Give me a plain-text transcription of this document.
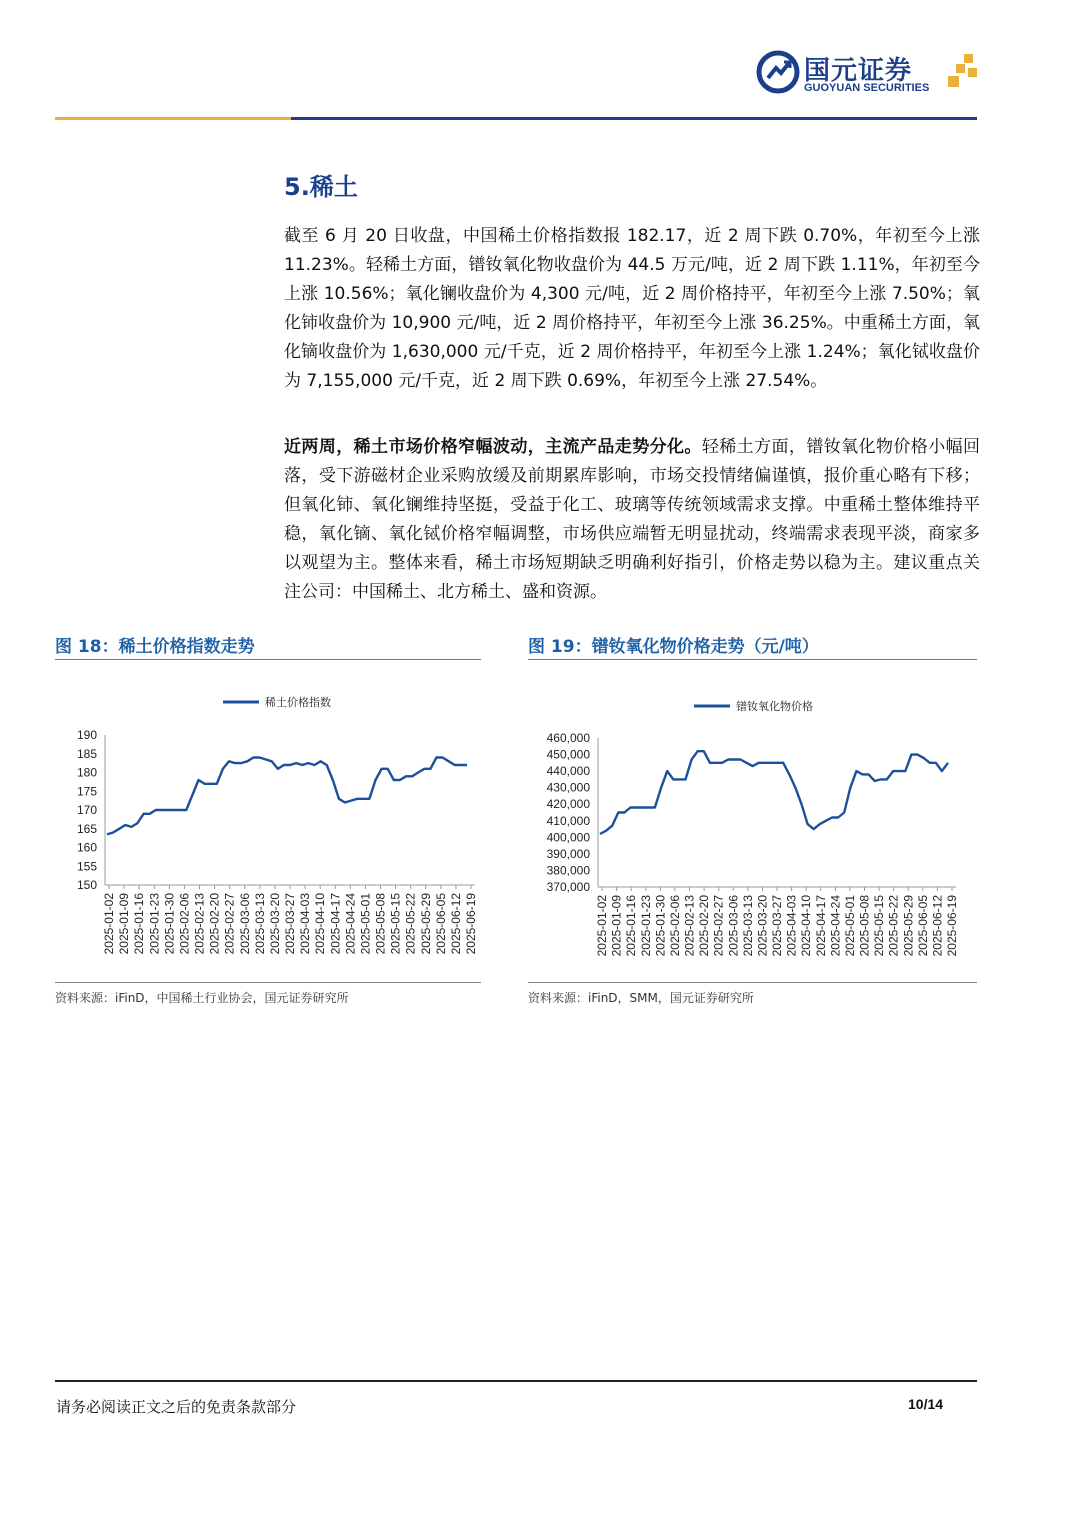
国元证券
GUOYUAN SECURITIES
5.稀土

截至 6 月 20 日收盘，中国稀土价格指数报 182.17，近 2 周下跌 0.70%，年初至今上涨 11.23%。轻稀土方面，镨钕氧化物收盘价为 44.5 万元/吨，近 2 周下跌 1.11%，年初至今上涨 10.56%；氧化镧收盘价为 4,300 元/吨，近 2 周价格持平，年初至今上涨 7.50%；氧化铈收盘价为 10,900 元/吨，近 2 周价格持平，年初至今上涨 36.25%。中重稀土方面，氧化镝收盘价为 1,630,000 元/千克，近 2 周价格持平，年初至今上涨 1.24%；氧化铽收盘价为 7,155,000 元/千克，近 2 周下跌 0.69%，年初至今上涨 27.54%。

近两周，稀土市场价格窄幅波动，主流产品走势分化。轻稀土方面，镨钕氧化物价格小幅回落，受下游磁材企业采购放缓及前期累库影响，市场交投情绪偏谨慎，报价重心略有下移；但氧化铈、氧化镧维持坚挺，受益于化工、玻璃等传统领域需求支撑。中重稀土整体维持平稳，氧化镝、氧化铽价格窄幅调整，市场供应端暂无明显扰动，终端需求表现平淡，商家多以观望为主。整体来看，稀土市场短期缺乏明确利好指引，价格走势以稳为主。建议重点关注公司：中国稀土、北方稀土、盛和资源。

图 18：稀土价格指数走势
稀土价格指数
190
185
180
175
170
165
160
155
150
2025-01-02 2025-01-09 2025-01-16 2025-01-23 2025-01-30 2025-02-06 2025-02-13 2025-02-20 2025-02-27 2025-03-06 2025-03-13 2025-03-20 2025-03-27 2025-04-03 2025-04-10 2025-04-17 2025-04-24 2025-05-01 2025-05-08 2025-05-15 2025-05-22 2025-05-29 2025-06-05 2025-06-12 2025-06-19
资料来源：iFinD，中国稀土行业协会，国元证券研究所
图 19：镨钕氧化物价格走势（元/吨）
镨钕氧化物价格
460,000
450,000
440,000
430,000
420,000
410,000
400,000
390,000
380,000
370,000
2025-01-02 2025-01-09 2025-01-16 2025-01-23 2025-01-30 2025-02-06 2025-02-13 2025-02-20 2025-02-27 2025-03-06 2025-03-13 2025-03-20 2025-03-27 2025-04-03 2025-04-10 2025-04-17 2025-04-24 2025-05-01 2025-05-08 2025-05-15 2025-05-22 2025-05-29 2025-06-05 2025-06-12 2025-06-19
资料来源：iFinD，SMM，国元证券研究所
请务必阅读正文之后的免责条款部分	10/14
